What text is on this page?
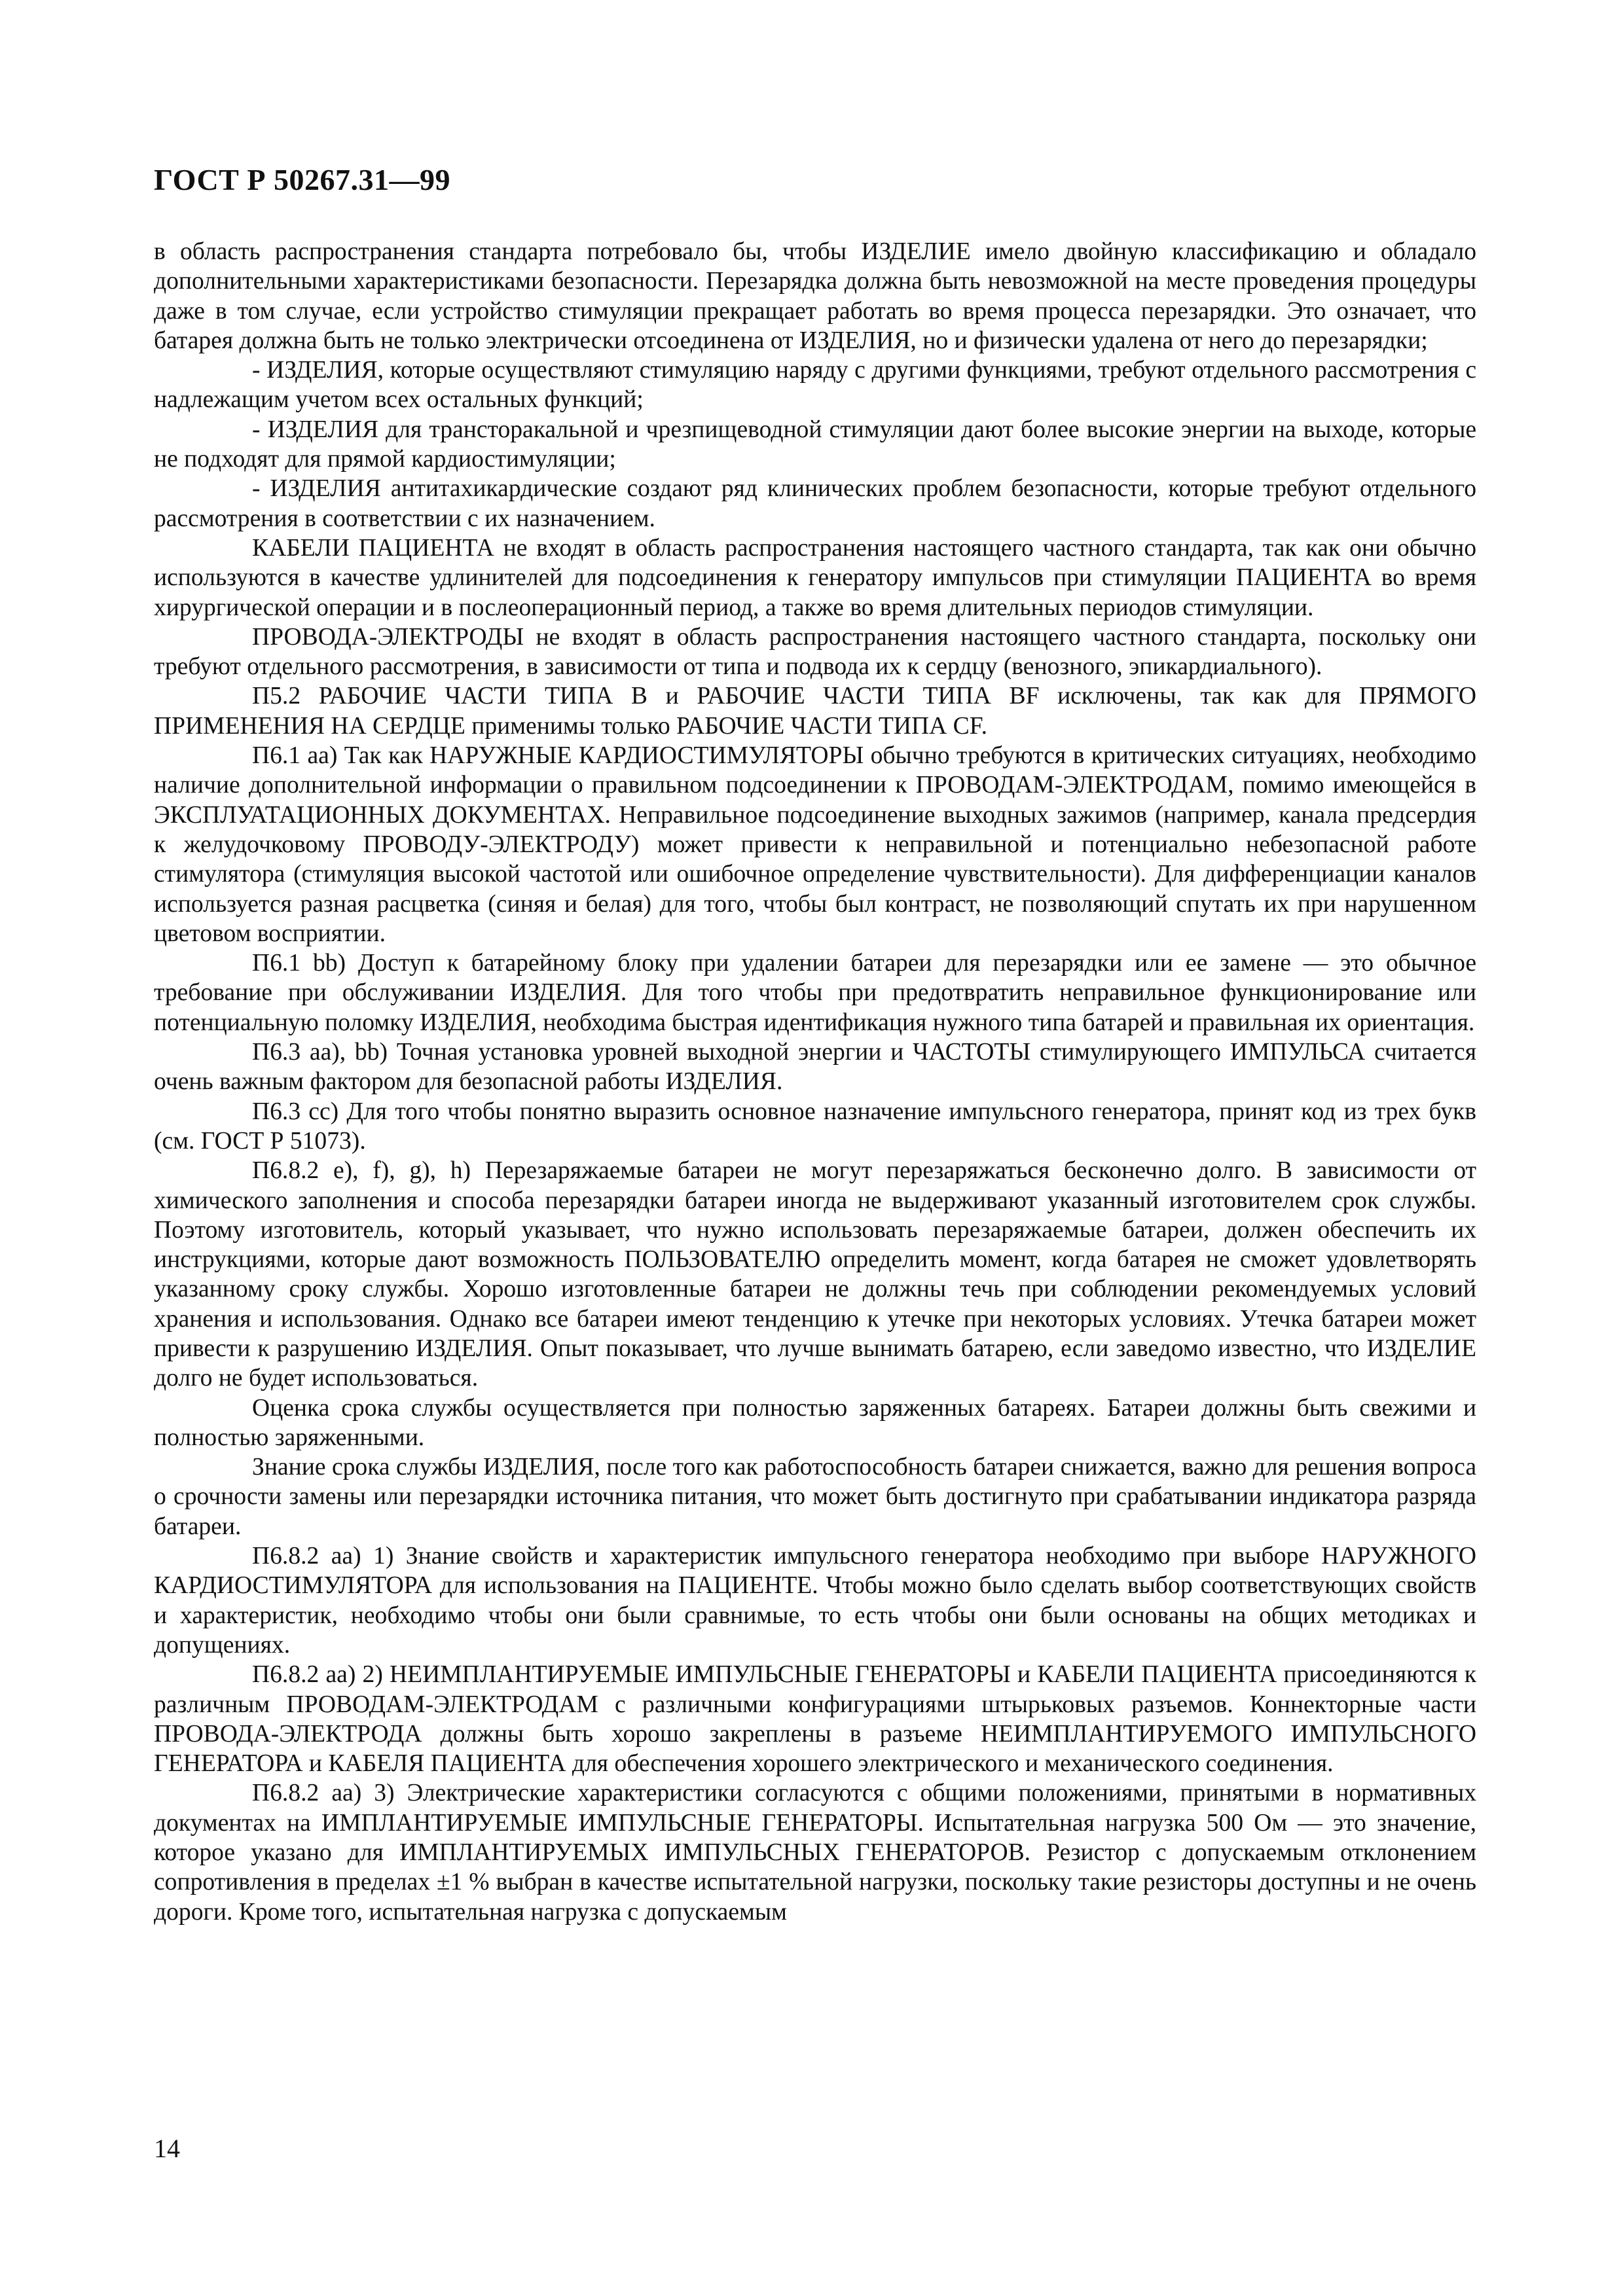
ГОСТ Р 50267.31—99

в область распространения стандарта потребовало бы, чтобы ИЗДЕЛИЕ имело двойную классификацию и обладало дополнительными характеристиками безопасности. Перезарядка должна быть невозможной на месте проведения процедуры даже в том случае, если устройство стимуляции прекращает работать во время процесса перезарядки. Это означает, что батарея должна быть не только электрически отсоединена от ИЗДЕЛИЯ, но и физически удалена от него до перезарядки;

- ИЗДЕЛИЯ, которые осуществляют стимуляцию наряду с другими функциями, требуют отдельного рассмотрения с надлежащим учетом всех остальных функций;

- ИЗДЕЛИЯ для трансторакальной и чрезпищеводной стимуляции дают более высокие энергии на выходе, которые не подходят для прямой кардиостимуляции;

- ИЗДЕЛИЯ антитахикардические создают ряд клинических проблем безопасности, которые требуют отдельного рассмотрения в соответствии с их назначением.

КАБЕЛИ ПАЦИЕНТА не входят в область распространения настоящего частного стандарта, так как они обычно используются в качестве удлинителей для подсоединения к генератору импульсов при стимуляции ПАЦИЕНТА во время хирургической операции и в послеоперационный период, а также во время длительных периодов стимуляции.

ПРОВОДА-ЭЛЕКТРОДЫ не входят в область распространения настоящего частного стандарта, поскольку они требуют отдельного рассмотрения, в зависимости от типа и подвода их к сердцу (венозного, эпикардиального).

П5.2 РАБОЧИЕ ЧАСТИ ТИПА В и РАБОЧИЕ ЧАСТИ ТИПА BF исключены, так как для ПРЯМОГО ПРИМЕНЕНИЯ НА СЕРДЦЕ применимы только РАБОЧИЕ ЧАСТИ ТИПА CF.

П6.1 аа) Так как НАРУЖНЫЕ КАРДИОСТИМУЛЯТОРЫ обычно требуются в критических ситуациях, необходимо наличие дополнительной информации о правильном подсоединении к ПРОВОДАМ-ЭЛЕКТРОДАМ, помимо имеющейся в ЭКСПЛУАТАЦИОННЫХ ДОКУМЕНТАХ. Неправильное подсоединение выходных зажимов (например, канала предсердия к желудочковому ПРОВОДУ-ЭЛЕКТРОДУ) может привести к неправильной и потенциально небезопасной работе стимулятора (стимуляция высокой частотой или ошибочное определение чувствительности). Для дифференциации каналов используется разная расцветка (синяя и белая) для того, чтобы был контраст, не позволяющий спутать их при нарушенном цветовом восприятии.

П6.1 bb) Доступ к батарейному блоку при удалении батареи для перезарядки или ее замене — это обычное требование при обслуживании ИЗДЕЛИЯ. Для того чтобы при предотвратить неправильное функционирование или потенциальную поломку ИЗДЕЛИЯ, необходима быстрая идентификация нужного типа батарей и правильная их ориентация.

П6.3 аа), bb) Точная установка уровней выходной энергии и ЧАСТОТЫ стимулирующего ИМПУЛЬСА считается очень важным фактором для безопасной работы ИЗДЕЛИЯ.

П6.3 сс) Для того чтобы понятно выразить основное назначение импульсного генератора, принят код из трех букв (см. ГОСТ Р 51073).

П6.8.2 е), f), g), h) Перезаряжаемые батареи не могут перезаряжаться бесконечно долго. В зависимости от химического заполнения и способа перезарядки батареи иногда не выдерживают указанный изготовителем срок службы. Поэтому изготовитель, который указывает, что нужно использовать перезаряжаемые батареи, должен обеспечить их инструкциями, которые дают возможность ПОЛЬЗОВАТЕЛЮ определить момент, когда батарея не сможет удовлетворять указанному сроку службы. Хорошо изготовленные батареи не должны течь при соблюдении рекомендуемых условий хранения и использования. Однако все батареи имеют тенденцию к утечке при некоторых условиях. Утечка батареи может привести к разрушению ИЗДЕЛИЯ. Опыт показывает, что лучше вынимать батарею, если заведомо известно, что ИЗДЕЛИЕ долго не будет использоваться.

Оценка срока службы осуществляется при полностью заряженных батареях. Батареи должны быть свежими и полностью заряженными.

Знание срока службы ИЗДЕЛИЯ, после того как работоспособность батареи снижается, важно для решения вопроса о срочности замены или перезарядки источника питания, что может быть достигнуто при срабатывании индикатора разряда батареи.

П6.8.2 аа) 1) Знание свойств и характеристик импульсного генератора необходимо при выборе НАРУЖНОГО КАРДИОСТИМУЛЯТОРА для использования на ПАЦИЕНТЕ. Чтобы можно было сделать выбор соответствующих свойств и характеристик, необходимо чтобы они были сравнимые, то есть чтобы они были основаны на общих методиках и допущениях.

П6.8.2 аа) 2) НЕИМПЛАНТИРУЕМЫЕ ИМПУЛЬСНЫЕ ГЕНЕРАТОРЫ и КАБЕЛИ ПАЦИЕНТА присоединяются к различным ПРОВОДАМ-ЭЛЕКТРОДАМ с различными конфигурациями штырьковых разъемов. Коннекторные части ПРОВОДА-ЭЛЕКТРОДА должны быть хорошо закреплены в разъеме НЕИМПЛАНТИРУЕМОГО ИМПУЛЬСНОГО ГЕНЕРАТОРА и КАБЕЛЯ ПАЦИЕНТА для обеспечения хорошего электрического и механического соединения.

П6.8.2 аа) 3) Электрические характеристики согласуются с общими положениями, принятыми в нормативных документах на ИМПЛАНТИРУЕМЫЕ ИМПУЛЬСНЫЕ ГЕНЕРАТОРЫ. Испытательная нагрузка 500 Ом — это значение, которое указано для ИМПЛАНТИРУЕМЫХ ИМПУЛЬСНЫХ ГЕНЕРАТОРОВ. Резистор с допускаемым отклонением сопротивления в пределах ±1 % выбран в качестве испытательной нагрузки, поскольку такие резисторы доступны и не очень дороги. Кроме того, испытательная нагрузка с допускаемым

14
